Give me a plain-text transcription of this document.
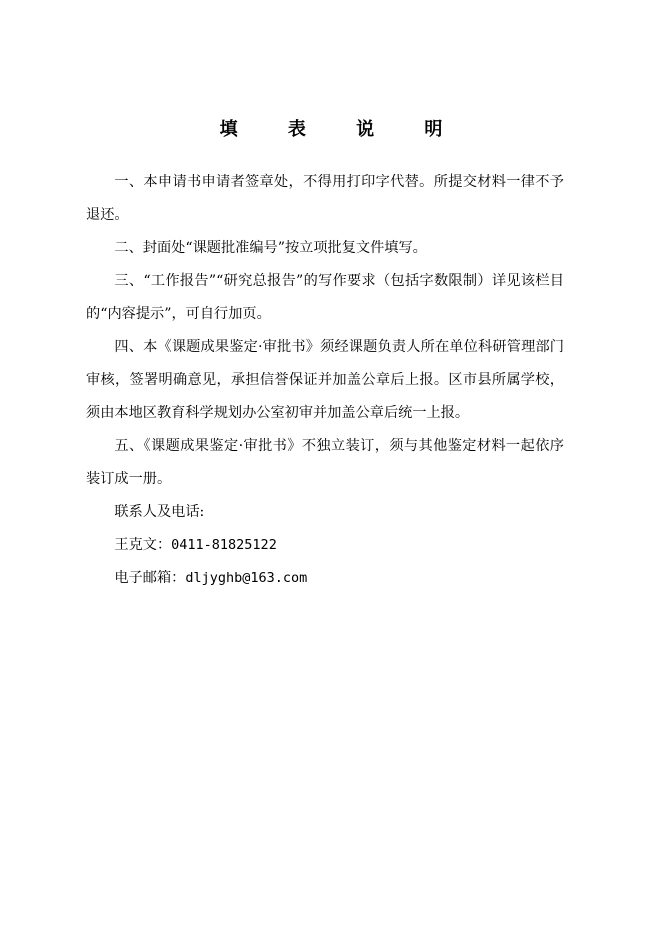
填 表 说 明

一、本申请书申请者签章处，不得用打印字代替。所提交材料一律不予退还。

二、封面处“课题批准编号”按立项批复文件填写。

三、“工作报告”“研究总报告”的写作要求（包括字数限制）详见该栏目的“内容提示”，可自行加页。

四、本《课题成果鉴定·审批书》须经课题负责人所在单位科研管理部门审核，签署明确意见，承担信誉保证并加盖公章后上报。区市县所属学校，须由本地区教育科学规划办公室初审并加盖公章后统一上报。

五、《课题成果鉴定·审批书》不独立装订，须与其他鉴定材料一起依序装订成一册。

联系人及电话:

王克文：0411-81825122

电子邮箱：dljyghb@163.com
